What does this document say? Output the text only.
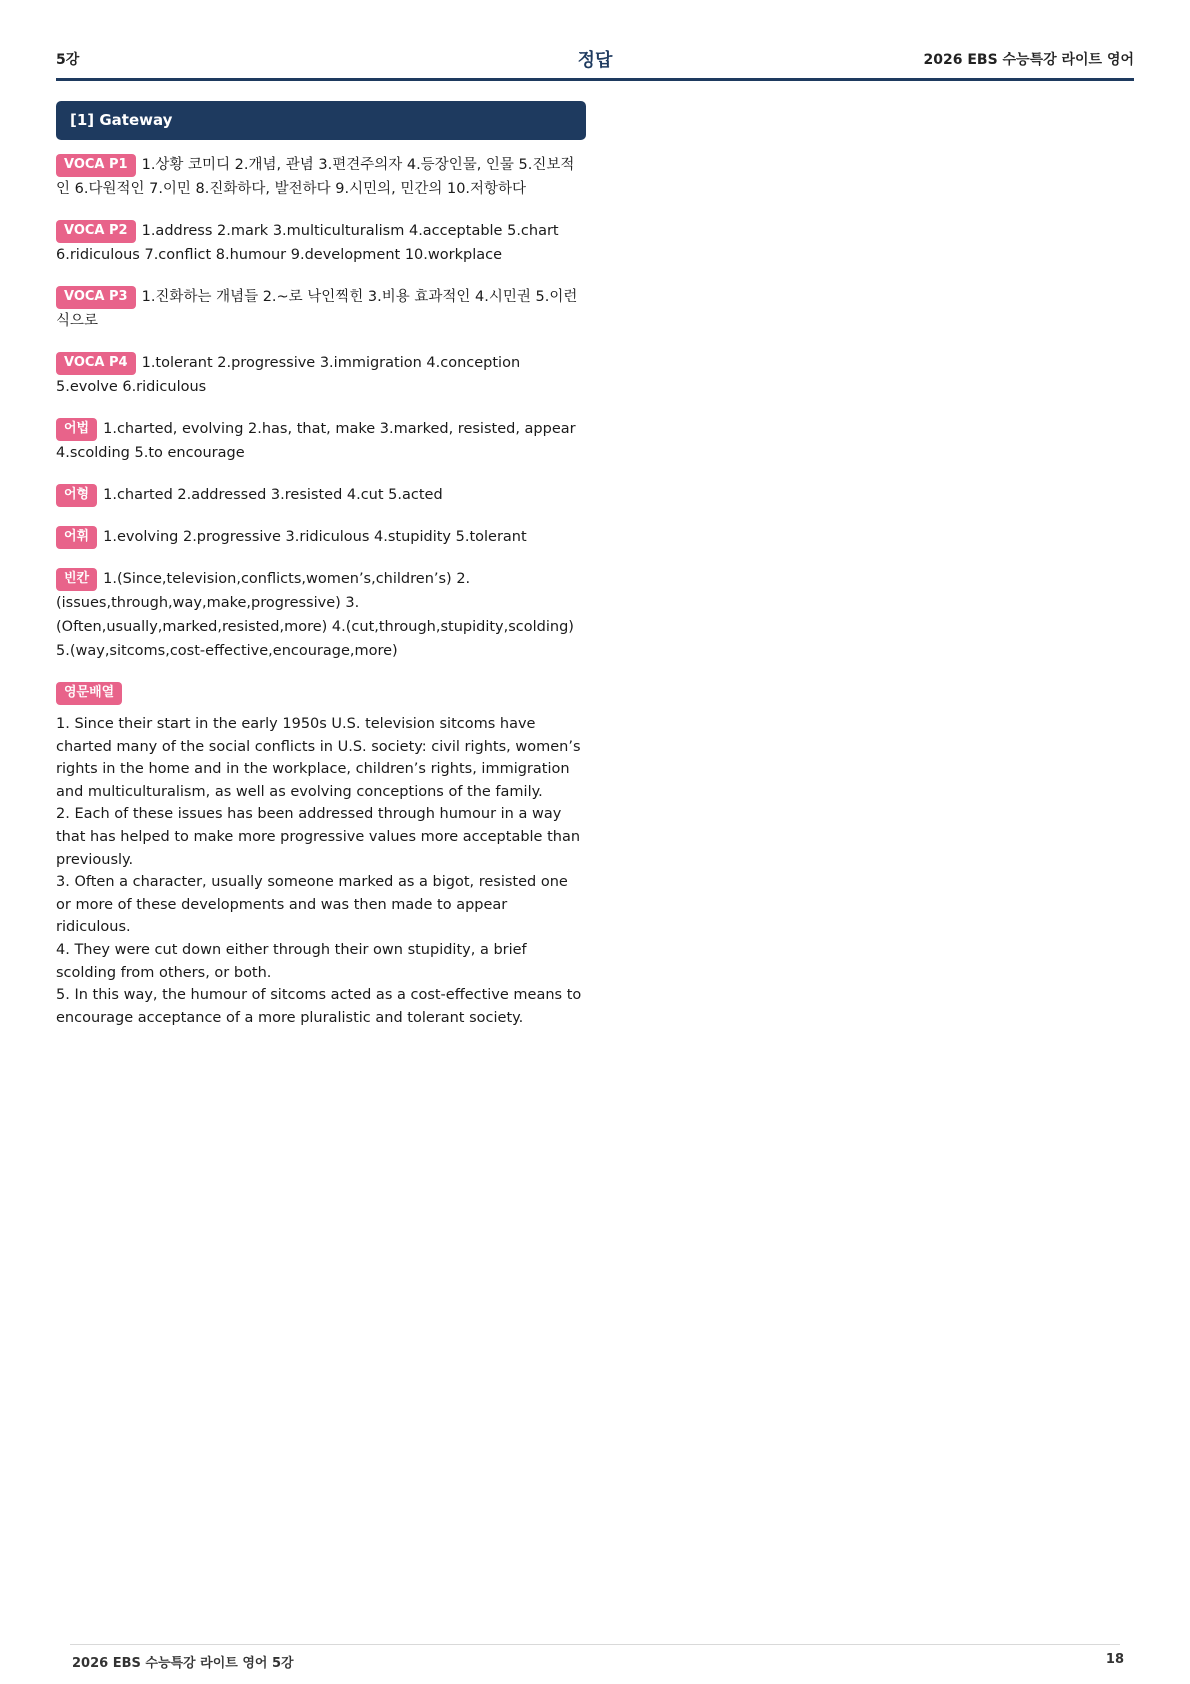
5강	정답	2026 EBS 수능특강 라이트 영어
[1] Gateway
VOCA P1 1.상황 코미디 2.개념, 관념 3.편견주의자 4.등장인물, 인물 5.진보적인 6.다원적인 7.이민 8.진화하다, 발전하다 9.시민의, 민간의 10.저항하다
VOCA P2 1.address 2.mark 3.multiculturalism 4.acceptable 5.chart 6.ridiculous 7.conflict 8.humour 9.development 10.workplace
VOCA P3 1.진화하는 개념들 2.~로 낙인찍힌 3.비용 효과적인 4.시민권 5.이런 식으로
VOCA P4 1.tolerant 2.progressive 3.immigration 4.conception 5.evolve 6.ridiculous
어법 1.charted, evolving 2.has, that, make 3.marked, resisted, appear 4.scolding 5.to encourage
어형 1.charted 2.addressed 3.resisted 4.cut 5.acted
어휘 1.evolving 2.progressive 3.ridiculous 4.stupidity 5.tolerant
빈칸 1.(Since,television,conflicts,women’s,children’s) 2.(issues,through,way,make,progressive) 3.(Often,usually,marked,resisted,more) 4.(cut,through,stupidity,scolding) 5.(way,sitcoms,cost-effective,encourage,more)
영문배열
1. Since their start in the early 1950s U.S. television sitcoms have charted many of the social conflicts in U.S. society: civil rights, women’s rights in the home and in the workplace, children’s rights, immigration and multiculturalism, as well as evolving conceptions of the family.
2. Each of these issues has been addressed through humour in a way that has helped to make more progressive values more acceptable than previously.
3. Often a character, usually someone marked as a bigot, resisted one or more of these developments and was then made to appear ridiculous.
4. They were cut down either through their own stupidity, a brief scolding from others, or both.
5. In this way, the humour of sitcoms acted as a cost-effective means to encourage acceptance of a more pluralistic and tolerant society.
2026 EBS 수능특강 라이트 영어 5강	18
